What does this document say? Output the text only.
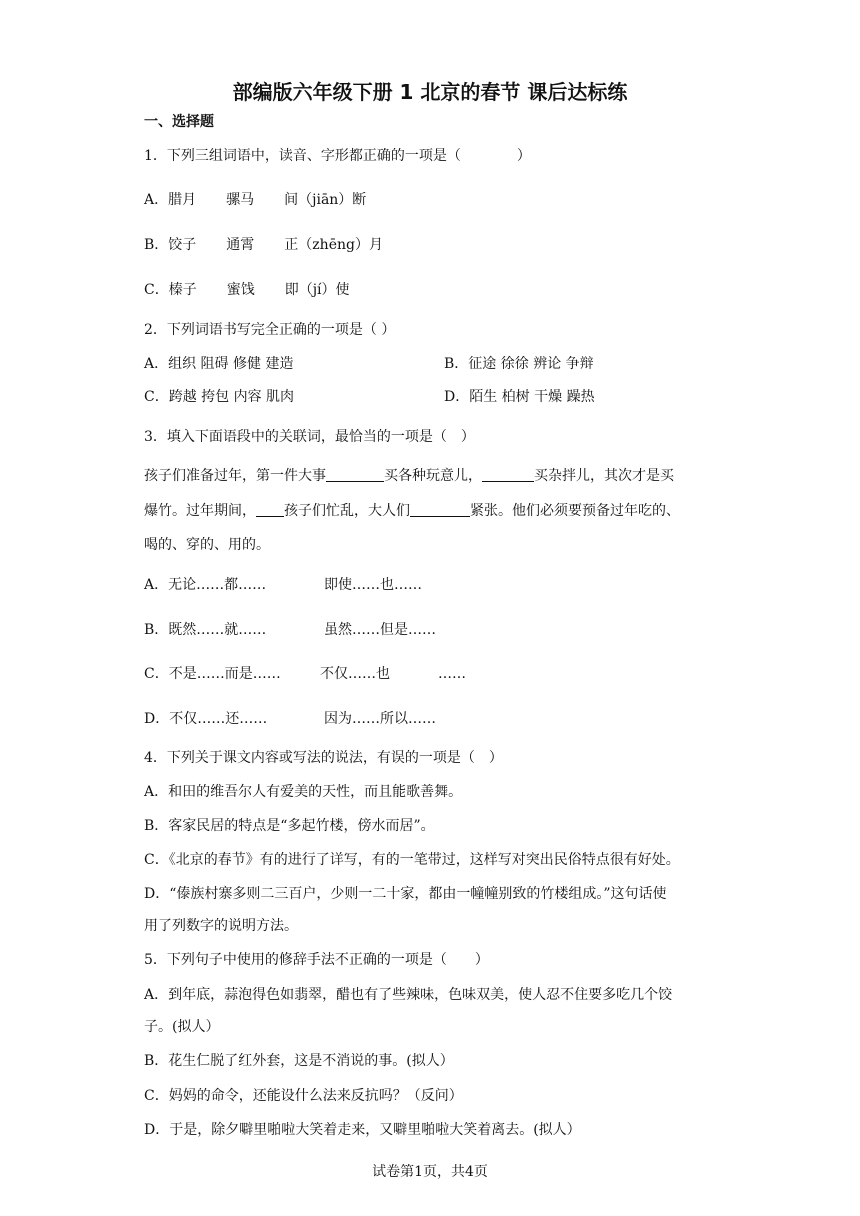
部编版六年级下册 1 北京的春节 课后达标练
一、选择题
1．下列三组词语中，读音、字形都正确的一项是（　　　　）
A．腊月 骡马 间（jiān）断
B．饺子 通霄 正（zhēng）月
C．榛子 蜜饯 即（jí）使
2．下列词语书写完全正确的一项是（ ）
A．组织 阻碍 修健 建造	B．征途 徐徐 辨论 争辩
C．跨越 挎包 内容 肌肉	D．陌生 柏树 干燥 躁热
3．填入下面语段中的关联词，最恰当的一项是（　）
孩子们准备过年，第一件大事	买各种玩意儿，	买杂拌儿，其次才是买
爆竹。过年期间， 孩子们忙乱，大人们	紧张。他们必须要预备过年吃的、
喝的、穿的、用的。
A．无论……都……	即使……也……
B．既然……就……	虽然……但是……
C．不是……而是……	不仅……也	……
D．不仅……还……	因为……所以……
4．下列关于课文内容或写法的说法，有误的一项是（　）
A．和田的维吾尔人有爱美的天性，而且能歌善舞。
B．客家民居的特点是“多起竹楼，傍水而居”。
C．《北京的春节》有的进行了详写，有的一笔带过，这样写对突出民俗特点很有好处。
D．“傣族村寨多则二三百户，少则一二十家，都由一幢幢别致的竹楼组成。”这句话使
用了列数字的说明方法。
5．下列句子中使用的修辞手法不正确的一项是（　　）
A．到年底，蒜泡得色如翡翠，醋也有了些辣味，色味双美，使人忍不住要多吃几个饺
子。(拟人）
B．花生仁脱了红外套，这是不消说的事。(拟人）
C．妈妈的命令，还能设什么法来反抗吗？（反问）
D．于是，除夕噼里啪啦大笑着走来，又噼里啪啦大笑着离去。(拟人）
试卷第1页，共4页
